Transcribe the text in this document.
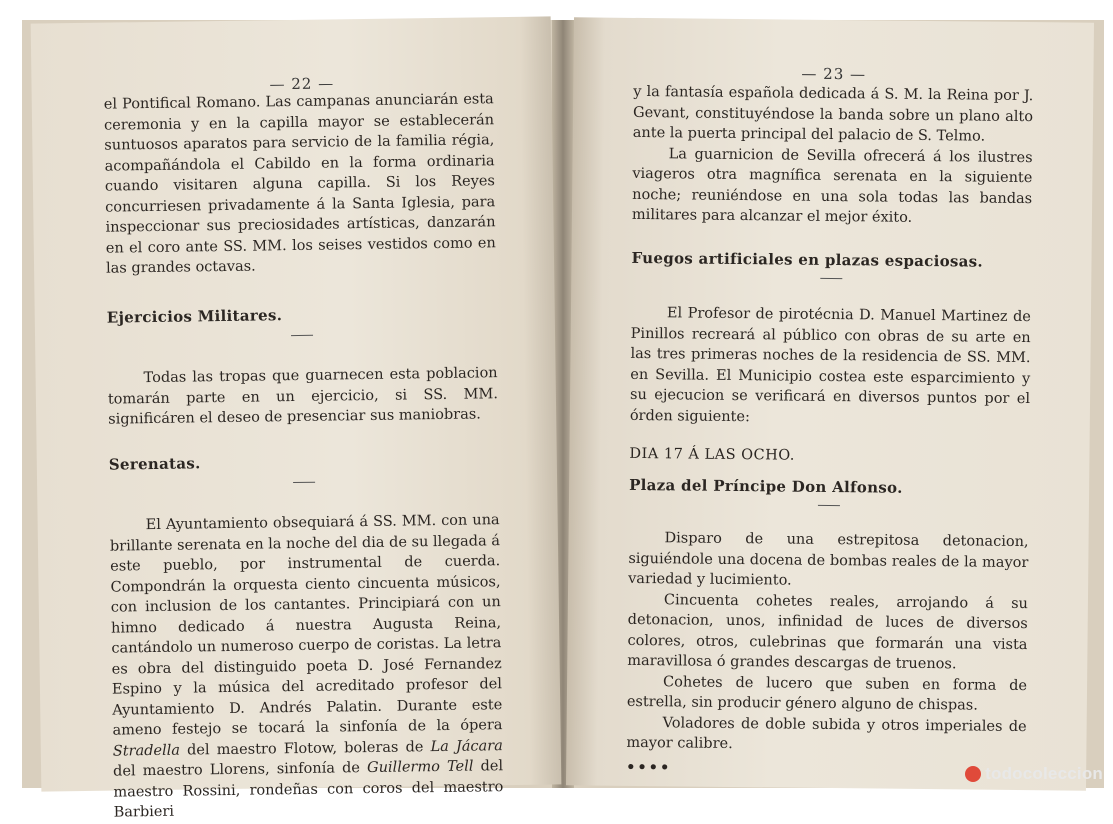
— 22 —

el Pontifical Romano. Las campanas anunciarán esta ceremonia y en la capilla mayor se establecerán suntuosos aparatos para servicio de la familia régia, acompañándola el Cabildo en la forma ordinaria cuando visitaren alguna capilla. Si los Reyes concurriesen privadamente á la Santa Iglesia, para inspeccionar sus preciosidades artísticas, danzarán en el coro ante SS. MM. los seises vestidos como en las grandes octavas.

Ejercicios Militares.

Todas las tropas que guarnecen esta poblacion tomarán parte en un ejercicio, si SS. MM. significáren el deseo de presenciar sus maniobras.

Serenatas.

El Ayuntamiento obsequiará á SS. MM. con una brillante serenata en la noche del dia de su llegada á este pueblo, por instrumental de cuerda. Compondrán la orquesta ciento cincuenta músicos, con inclusion de los cantantes. Principiará con un himno dedicado á nuestra Augusta Reina, cantándolo un numeroso cuerpo de coristas. La letra es obra del distinguido poeta D. José Fernandez Espino y la música del acreditado profesor del Ayuntamiento D. Andrés Palatin. Durante este ameno festejo se tocará la sinfonía de la ópera Stradella del maestro Flotow, boleras de La Jácara del maestro Llorens, sinfonía de Guillermo Tell del maestro Rossini, rondeñas con coros del maestro Barbieri

— 23 —

y la fantasía española dedicada á S. M. la Reina por J. Gevant, constituyéndose la banda sobre un plano alto ante la puerta principal del palacio de S. Telmo.

La guarnicion de Sevilla ofrecerá á los ilustres viageros otra magnífica serenata en la siguiente noche; reuniéndose en una sola todas las bandas militares para alcanzar el mejor éxito.

Fuegos artificiales en plazas espaciosas.

El Profesor de pirotécnia D. Manuel Martinez de Pinillos recreará al público con obras de su arte en las tres primeras noches de la residencia de SS. MM. en Sevilla. El Municipio costea este esparcimiento y su ejecucion se verificará en diversos puntos por el órden siguiente:

DIA 17 Á LAS OCHO.

Plaza del Príncipe Don Alfonso.

Disparo de una estrepitosa detonacion, siguiéndole una docena de bombas reales de la mayor variedad y lucimiento.

Cincuenta cohetes reales, arrojando á su detonacion, unos, infinidad de luces de diversos colores, otros, culebrinas que formarán una vista maravillosa ó grandes descargas de truenos.

Cohetes de lucero que suben en forma de estrella, sin producir género alguno de chispas.

Voladores de doble subida y otros imperiales de mayor calibre.

••••	todocoleccion
